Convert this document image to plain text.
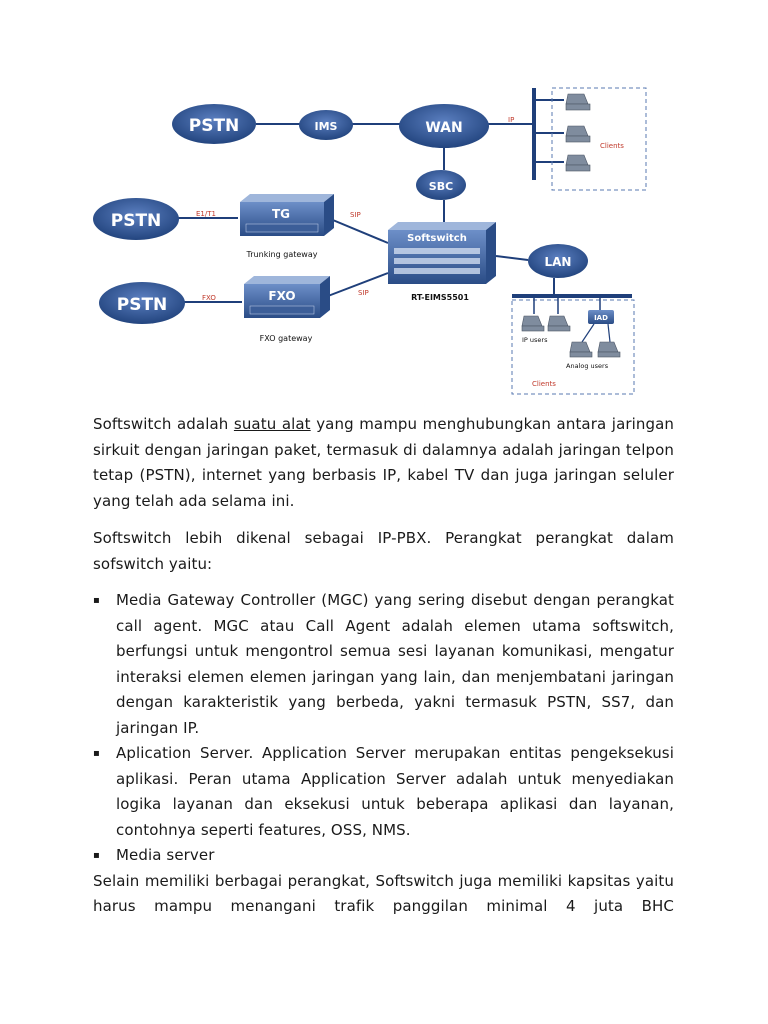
PSTN	IMS	WAN
SBC
PSTN
PSTN
LAN
IP
E1/T1	SIP
FXO
SIP
TG
Trunking gateway
FXO
FXO gateway
Softswitch
RT-EIMS5501
Clients
IP users
IAD
Analog users
Clients

Softswitch adalah suatu alat yang mampu menghubungkan antara jaringan sirkuit dengan jaringan paket, termasuk di dalamnya adalah jaringan telpon tetap (PSTN), internet yang berbasis IP, kabel TV dan juga jaringan seluler yang telah ada selama ini.

Softswitch lebih dikenal sebagai IP-PBX. Perangkat perangkat dalam sofswitch yaitu:

▪ Media Gateway Controller (MGC) yang sering disebut dengan perangkat call agent. MGC atau Call Agent adalah elemen utama softswitch, berfungsi untuk mengontrol semua sesi layanan komunikasi, mengatur interaksi elemen elemen jaringan yang lain, dan menjembatani jaringan dengan karakteristik yang berbeda, yakni termasuk PSTN, SS7, dan jaringan IP.
▪ Aplication Server. Application Server merupakan entitas pengeksekusi aplikasi. Peran utama Application Server adalah untuk menyediakan logika layanan dan eksekusi untuk beberapa aplikasi dan layanan, contohnya seperti features, OSS, NMS.
▪ Media server

Selain memiliki berbagai perangkat, Softswitch juga memiliki kapsitas yaitu harus mampu menangani trafik panggilan minimal 4 juta BHC
